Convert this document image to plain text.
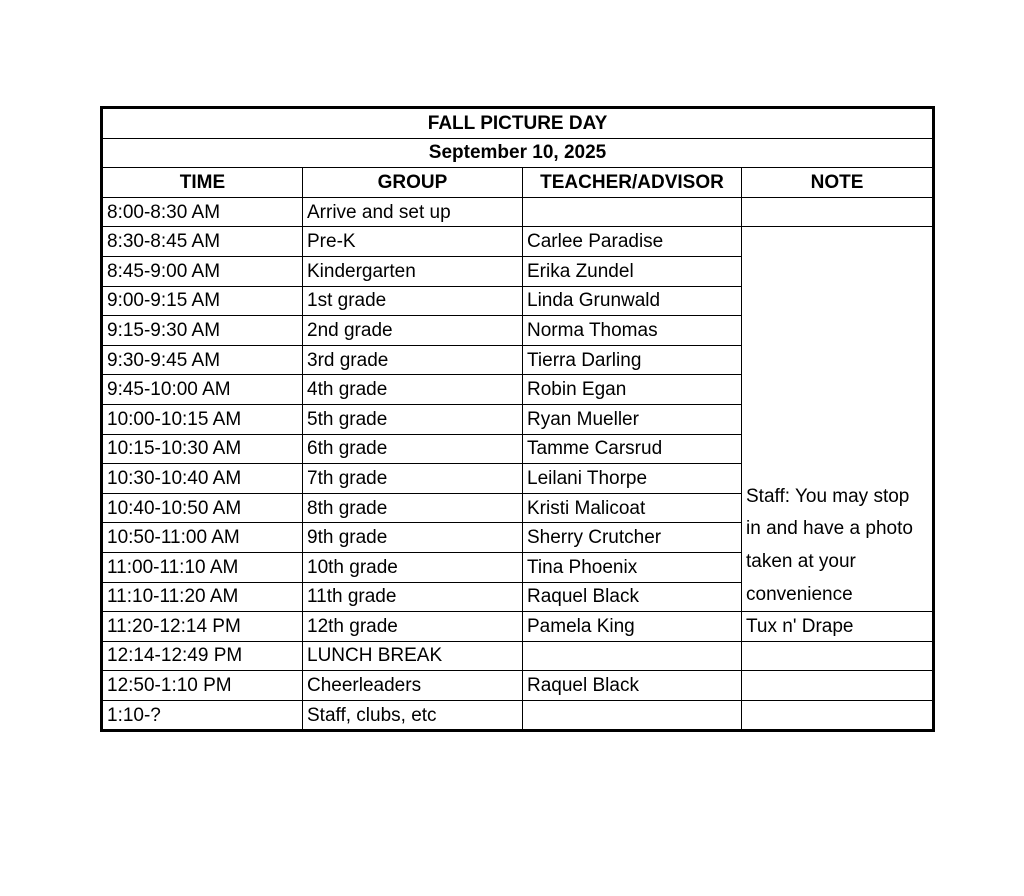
FALL PICTURE DAY			
September 10, 2025			
TIME	GROUP	TEACHER/ADVISOR	NOTE
8:00-8:30 AM	Arrive and set up		
8:30-8:45 AM	Pre-K	Carlee Paradise	Staff: You may stop
in and have a photo
taken at your
convenience

8:45-9:00 AM	Kindergarten	Erika Zundel	
9:00-9:15 AM	1st grade	Linda Grunwald	
9:15-9:30 AM	2nd grade	Norma Thomas	
9:30-9:45 AM	3rd grade	Tierra Darling	
9:45-10:00 AM	4th grade	Robin Egan	
10:00-10:15 AM	5th grade	Ryan Mueller	
10:15-10:30 AM	6th grade	Tamme Carsrud	
10:30-10:40 AM	7th grade	Leilani Thorpe	
10:40-10:50 AM	8th grade	Kristi Malicoat	
10:50-11:00 AM	9th grade	Sherry Crutcher	
11:00-11:10 AM	10th grade	Tina Phoenix	
11:10-11:20 AM	11th grade	Raquel Black	
11:20-12:14 PM	12th grade	Pamela King	Tux n' Drape
12:14-12:49 PM	LUNCH BREAK		
12:50-1:10 PM	Cheerleaders	Raquel Black	
1:10-?	Staff, clubs, etc		
